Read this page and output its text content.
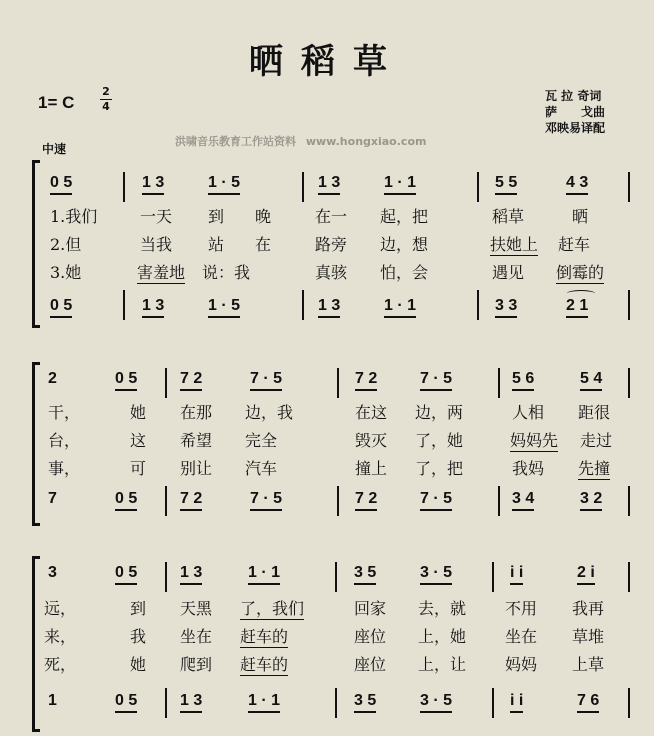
晒稻草
1= C
2
4
瓦 拉 奇词
萨　　戈曲
邓映易译配
洪啸音乐教育工作站资料 www.hongxiao.com
中速
0 5	1 3	1 · 5	1 3	1 · 1	5 5	4 3
1.我们	一天 到 晚	在一 起，把	稻草	晒
2.但	当我 站 在	路旁 边，想	扶她上 赶车
3.她	害羞地 说：我	真骇 怕，会	遇见 倒霉的
0 5	1 3	1 · 5	1 3	1 · 1	3 3	2 1
2	0 5	7 2	7 · 5	7 2	7 · 5	5 6	5 4
干，	她 在那 边，我	在这 边，两	人相 距很
台，	这 希望 完全	毁灭 了，她	妈妈先 走过
事，	可 别让 汽车	撞上 了，把	我妈 先撞
7	0 5	7 2	7 · 5	7 2	7 · 5	3 4	3 2
3	0 5	1 3	1 · 1	3 5	3 · 5	i i	2 i
远，	到 天黑 了，我们	回家 去，就 不用 我再
来，	我 坐在 赶车的	座位 上，她 坐在 草堆
死，	她 爬到 赶车的	座位 上，让 妈妈 上草
1	0 5	1 3	1 · 1	3 5	3 · 5	i i	7 6
